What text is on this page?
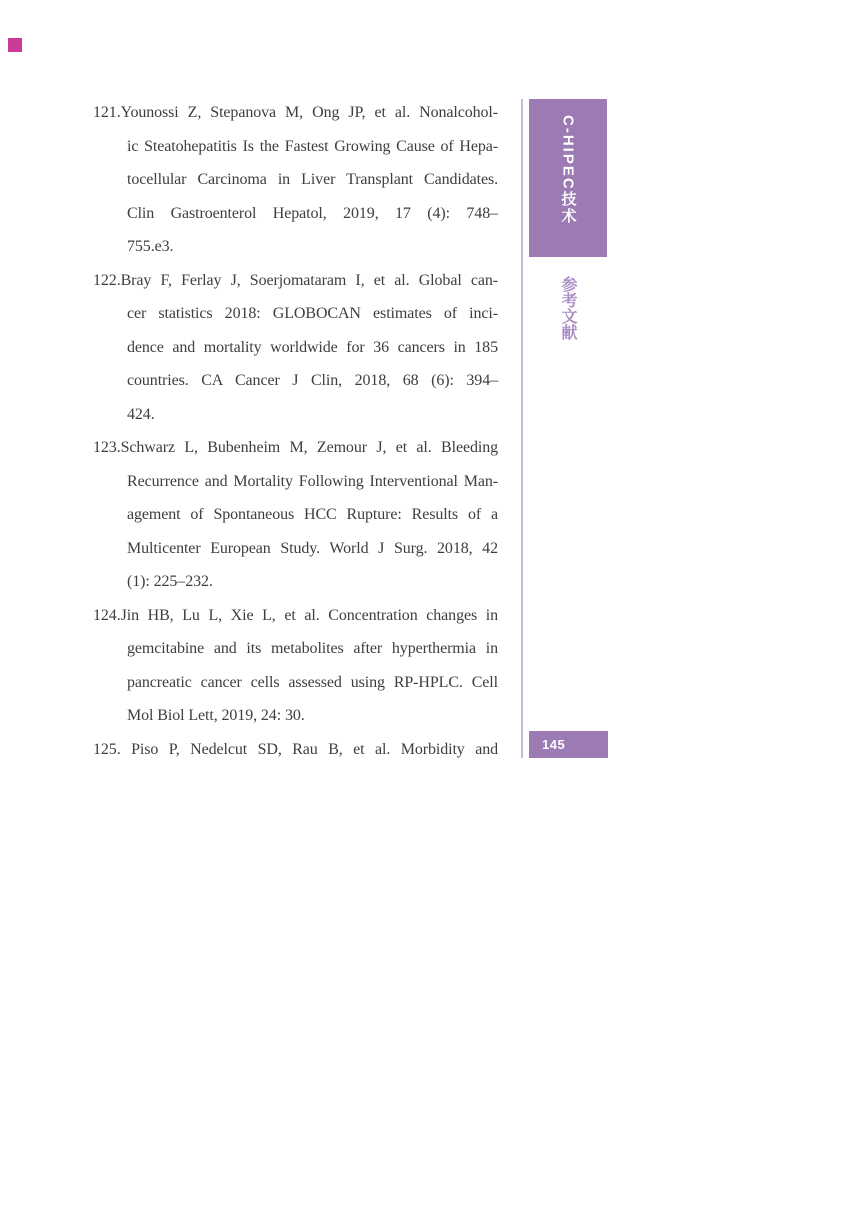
121.Younossi Z, Stepanova M, Ong JP, et al. Nonalcohol-
ic Steatohepatitis Is the Fastest Growing Cause of Hepa-
tocellular Carcinoma in Liver Transplant Candidates.
Clin Gastroenterol Hepatol, 2019, 17 (4): 748–
755.e3.
122.Bray F, Ferlay J, Soerjomataram I, et al. Global can-
cer statistics 2018: GLOBOCAN estimates of inci-
dence and mortality worldwide for 36 cancers in 185
countries. CA Cancer J Clin, 2018, 68 (6): 394–
424.
123.Schwarz L, Bubenheim M, Zemour J, et al. Bleeding
Recurrence and Mortality Following Interventional Man-
agement of Spontaneous HCC Rupture: Results of a
Multicenter European Study. World J Surg. 2018, 42
(1): 225–232.
124.Jin HB, Lu L, Xie L, et al. Concentration changes in
gemcitabine and its metabolites after hyperthermia in
pancreatic cancer cells assessed using RP-HPLC. Cell
Mol Biol Lett, 2019, 24: 30.
125. Piso P, Nedelcut SD, Rau B, et al. Morbidity and
C-HIPEC技术
参考文献
145
